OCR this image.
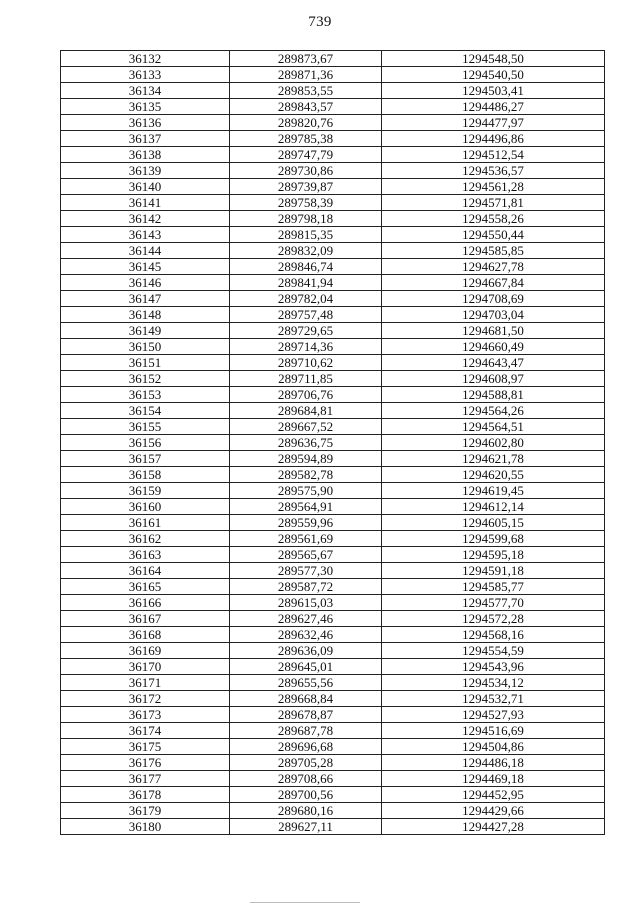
739
36132	289873,67	1294548,50
36133	289871,36	1294540,50
36134	289853,55	1294503,41
36135	289843,57	1294486,27
36136	289820,76	1294477,97
36137	289785,38	1294496,86
36138	289747,79	1294512,54
36139	289730,86	1294536,57
36140	289739,87	1294561,28
36141	289758,39	1294571,81
36142	289798,18	1294558,26
36143	289815,35	1294550,44
36144	289832,09	1294585,85
36145	289846,74	1294627,78
36146	289841,94	1294667,84
36147	289782,04	1294708,69
36148	289757,48	1294703,04
36149	289729,65	1294681,50
36150	289714,36	1294660,49
36151	289710,62	1294643,47
36152	289711,85	1294608,97
36153	289706,76	1294588,81
36154	289684,81	1294564,26
36155	289667,52	1294564,51
36156	289636,75	1294602,80
36157	289594,89	1294621,78
36158	289582,78	1294620,55
36159	289575,90	1294619,45
36160	289564,91	1294612,14
36161	289559,96	1294605,15
36162	289561,69	1294599,68
36163	289565,67	1294595,18
36164	289577,30	1294591,18
36165	289587,72	1294585,77
36166	289615,03	1294577,70
36167	289627,46	1294572,28
36168	289632,46	1294568,16
36169	289636,09	1294554,59
36170	289645,01	1294543,96
36171	289655,56	1294534,12
36172	289668,84	1294532,71
36173	289678,87	1294527,93
36174	289687,78	1294516,69
36175	289696,68	1294504,86
36176	289705,28	1294486,18
36177	289708,66	1294469,18
36178	289700,56	1294452,95
36179	289680,16	1294429,66
36180	289627,11	1294427,28
